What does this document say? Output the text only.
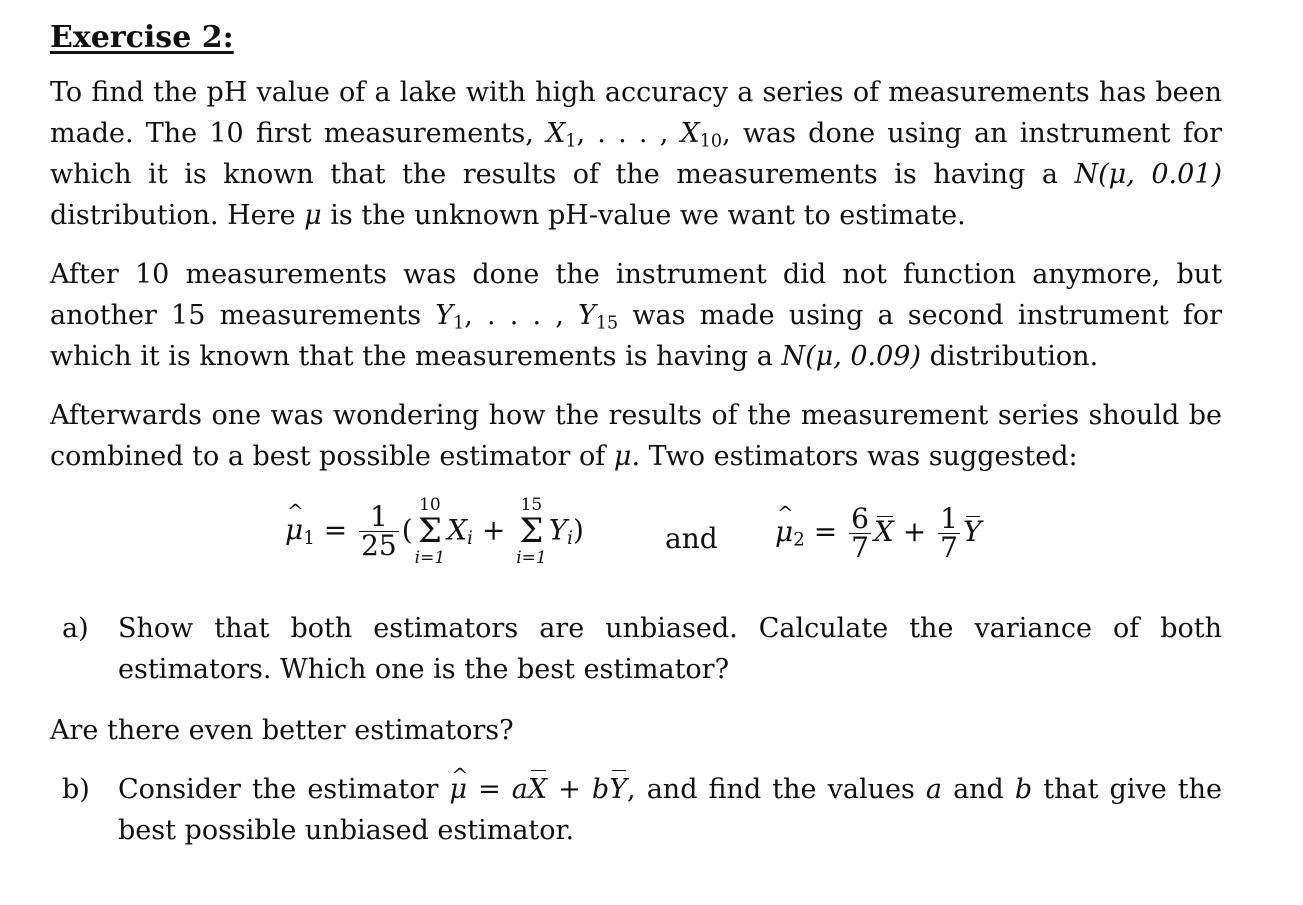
Exercise 2:

To find the pH value of a lake with high accuracy a series of measurements has been made. The 10 first measurements, $X_1$, . . . , $X_{10}$, was done using an instrument for which it is known that the results of the measurements is having a N(μ, 0.01) distribution. Here μ is the unknown pH-value we want to estimate.

After 10 measurements was done the instrument did not function anymore, but another 15 measurements $Y_1$, . . . , $Y_{15}$ was made using a second instrument for which it is known that the measurements is having a N(μ, 0.09) distribution.

Afterwards one was wondering how the results of the measurement series should be combined to a best possible estimator of μ. Two estimators was suggested:

^ $\mu_1 = \frac{1}{25}$ (
10
Σ
i=1
$X_i$ +
15
Σ
i=1
$Y_i$)	and
^ $\mu_2 = \frac{6}{7}$ $X + \frac{1}{7}$ Y
a) Show that both estimators are unbiased. Calculate the variance of both estimators. Which one is the best estimator?

Are there even better estimators?

b) Consider the estimator ^ μ = aX + bY, and find the values a and b that give the best possible unbiased estimator.
